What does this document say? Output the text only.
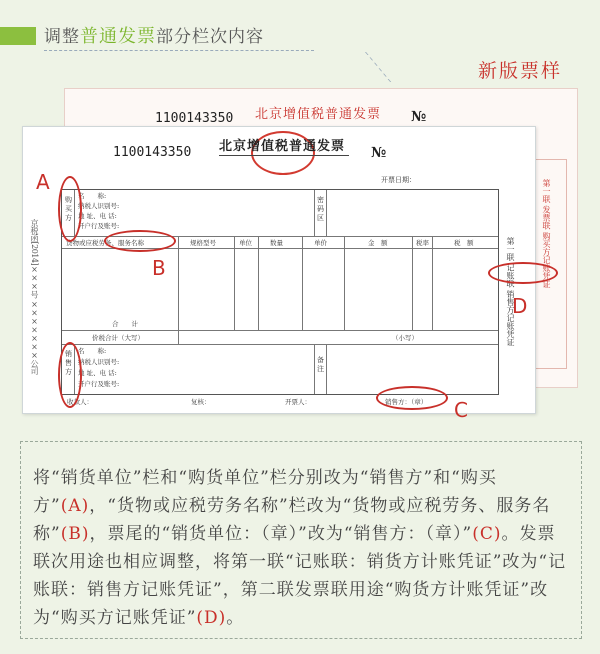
调整普通发票部分栏次内容
新版票样
1100143350 北京增值税普通发票 №
第一联 发票联 购买方记账凭证
1100143350 北京增值税普通发票 №
开票日期：
京税函[2014]×××号 ×××××××公司
购买方
名　　称:
纳税人识别号:
地 址、电 话:
开户行及账号:
密码区
货物或应税劳务、服务名称	规格型号	单位	数量	单价	金　额	税率	税　额
合　　计
价税合计（大写）	（小写）
销售方
名　　称:
纳税人识别号:
地 址、电 话:
开户行及账号:
备注
第一联 记账联 销售方记账凭证
收款人：	复核：	开票人：	销售方：（章）
A
B
C
D
将“销货单位”栏和“购货单位”栏分别改为“销售方”和“购买方”(A)，“货物或应税劳务名称”栏改为“货物或应税劳务、服务名称”(B)，票尾的“销货单位：（章）”改为“销售方：（章）”(C)。发票联次用途也相应调整，将第一联“记账联：销货方计账凭证”改为“记账联：销售方记账凭证”，第二联发票联用途“购货方计账凭证”改为“购买方记账凭证”(D)。
